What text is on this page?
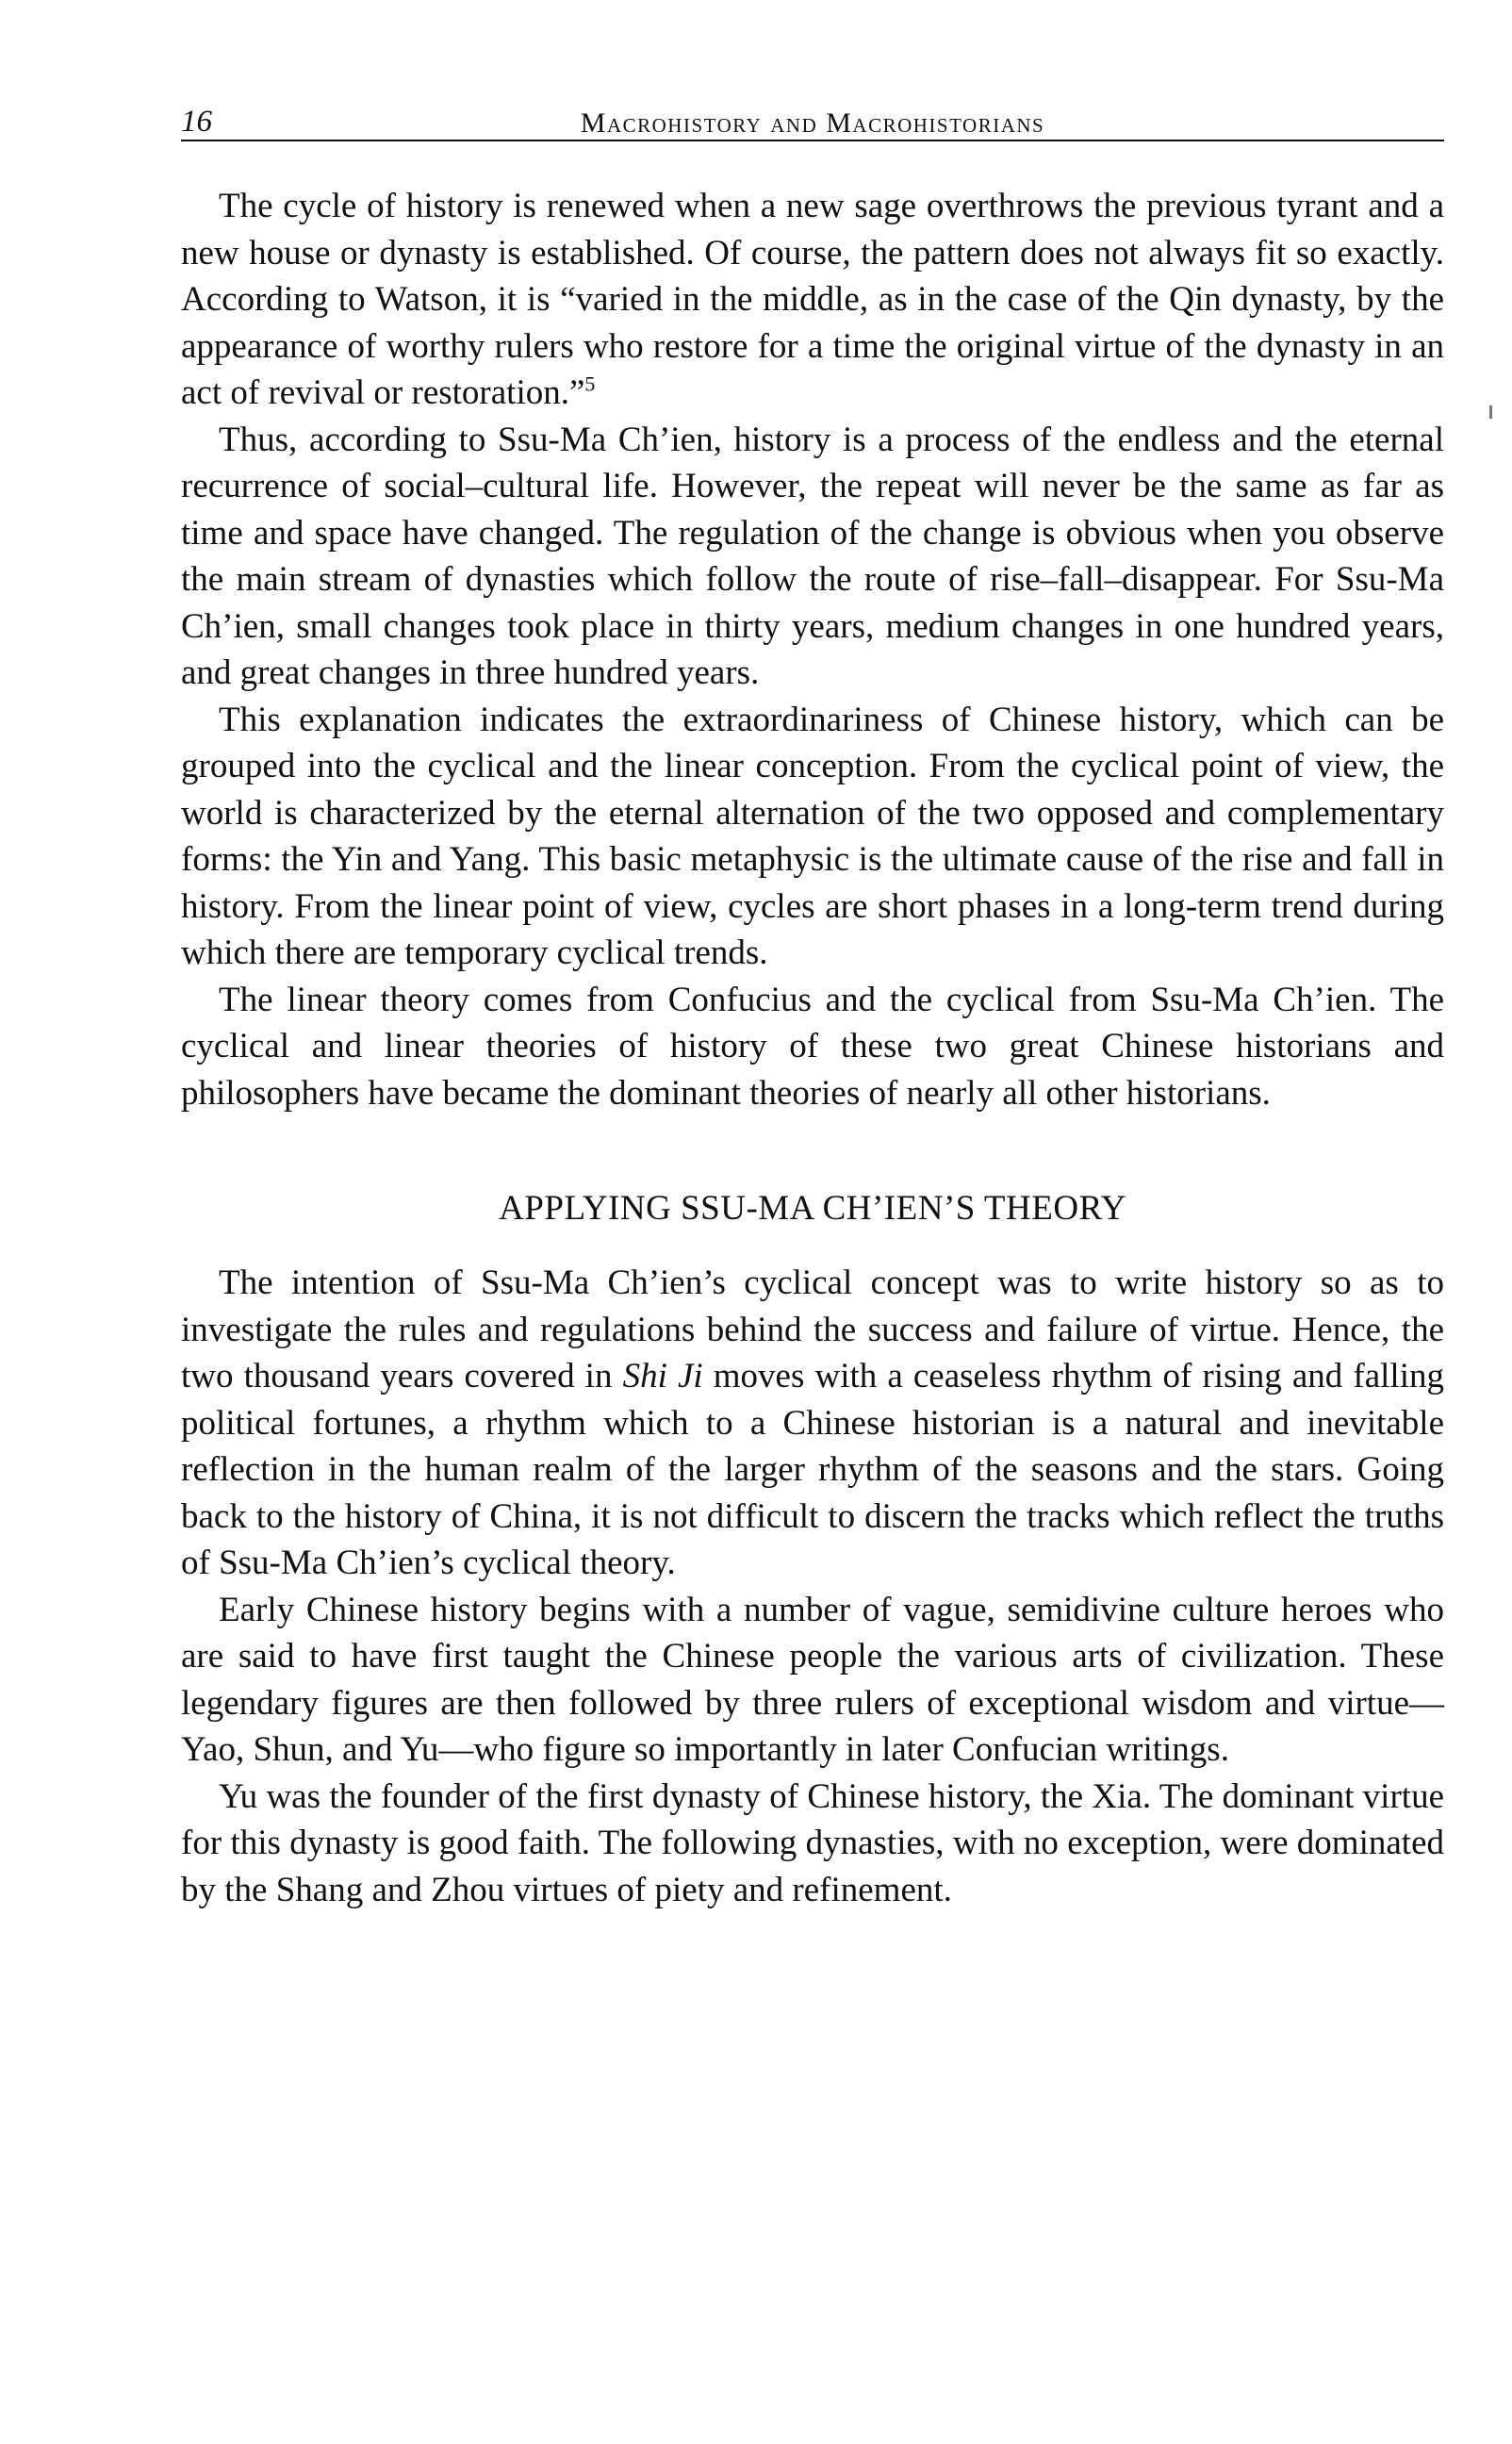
16	Macrohistory and Macrohistorians

The cycle of history is renewed when a new sage overthrows the previous tyrant and a new house or dynasty is established. Of course, the pattern does not always fit so exactly. According to Watson, it is “varied in the middle, as in the case of the Qin dynasty, by the appearance of worthy rulers who restore for a time the original virtue of the dynasty in an act of revival or restoration.”$^5$

Thus, according to Ssu-Ma Ch’ien, history is a process of the endless and the eternal recurrence of social–cultural life. However, the repeat will never be the same as far as time and space have changed. The regulation of the change is obvious when you observe the main stream of dynasties which follow the route of rise–fall–disappear. For Ssu-Ma Ch’ien, small changes took place in thirty years, medium changes in one hundred years, and great changes in three hundred years.

This explanation indicates the extraordinariness of Chinese history, which can be grouped into the cyclical and the linear conception. From the cyclical point of view, the world is characterized by the eternal alternation of the two opposed and complementary forms: the Yin and Yang. This basic metaphysic is the ultimate cause of the rise and fall in history. From the linear point of view, cycles are short phases in a long-term trend during which there are temporary cyclical trends.

The linear theory comes from Confucius and the cyclical from Ssu-Ma Ch’ien. The cyclical and linear theories of history of these two great Chinese historians and philosophers have became the dominant theories of nearly all other historians.

APPLYING SSU-MA CH’IEN’S THEORY

The intention of Ssu-Ma Ch’ien’s cyclical concept was to write history so as to investigate the rules and regulations behind the success and failure of virtue. Hence, the two thousand years covered in Shi Ji moves with a ceaseless rhythm of rising and falling political fortunes, a rhythm which to a Chinese historian is a natural and inevitable reflection in the human realm of the larger rhythm of the seasons and the stars. Going back to the history of China, it is not difficult to discern the tracks which reflect the truths of Ssu-Ma Ch’ien’s cyclical theory.

Early Chinese history begins with a number of vague, semidivine culture heroes who are said to have first taught the Chinese people the various arts of civilization. These legendary figures are then followed by three rulers of exceptional wisdom and virtue—Yao, Shun, and Yu—who figure so importantly in later Confucian writings.

Yu was the founder of the first dynasty of Chinese history, the Xia. The dominant virtue for this dynasty is good faith. The following dynasties, with no exception, were dominated by the Shang and Zhou virtues of piety and refinement.
